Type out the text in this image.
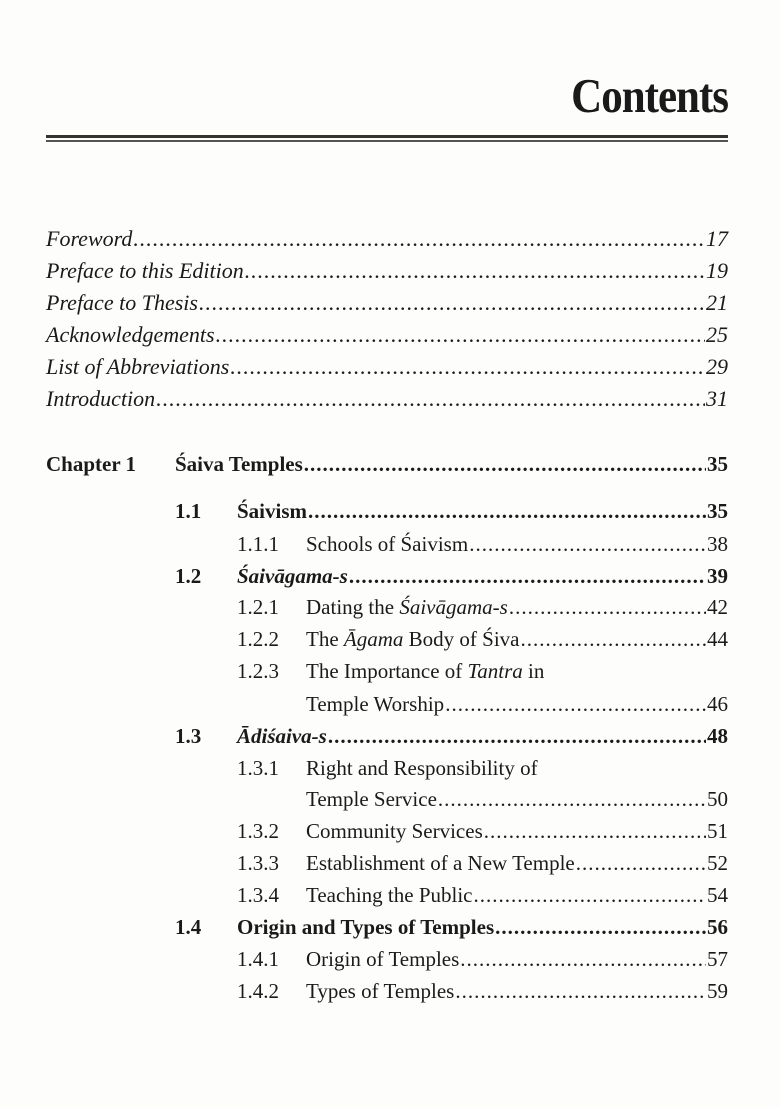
Contents
Foreword .....	17
Preface to this Edition .....	19
Preface to Thesis .....	21
Acknowledgements .....	25
List of Abbreviations .....	29
Introduction .....	31
Chapter 1 Śaiva Temples .....	35
1.1 Śaivism .....	35
1.1.1 Schools of Śaivism .....	38
1.2 Śaivāgama-s .....	39
1.2.1 Dating the Śaivāgama-s .....	42
1.2.2 The Āgama Body of Śiva .....	44
1.2.3 The Importance of Tantra in
Temple Worship .....	46
1.3 Ādiśaiva-s .....	48
1.3.1 Right and Responsibility of
Temple Service .....	50
1.3.2 Community Services .....	51
1.3.3 Establishment of a New Temple .....	52
1.3.4 Teaching the Public .....	54
1.4 Origin and Types of Temples .....	56
1.4.1 Origin of Temples .....	57
1.4.2 Types of Temples .....	59
